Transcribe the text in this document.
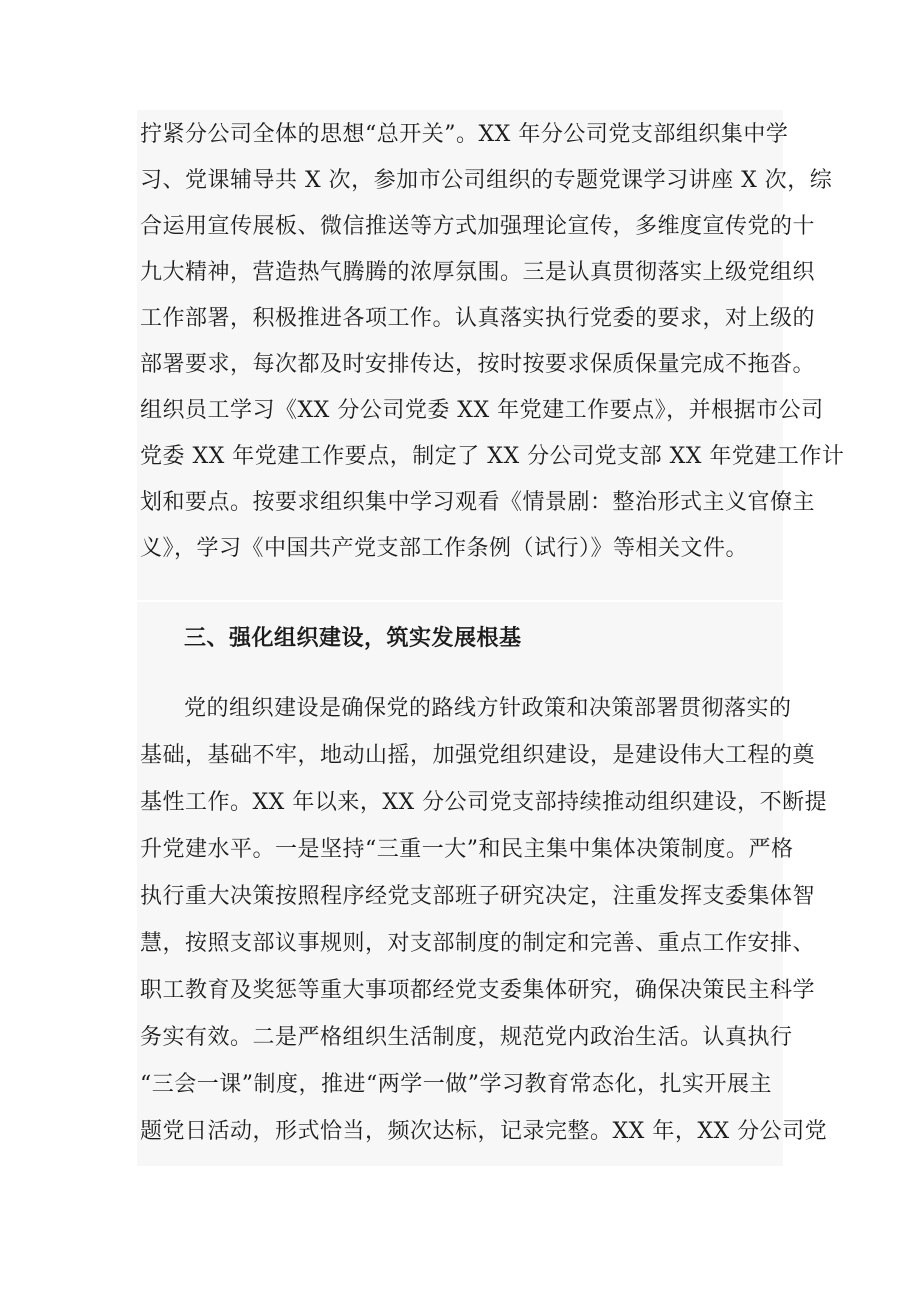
拧紧分公司全体的思想“总开关”。XX 年分公司党支部组织集中学
习、党课辅导共 X 次，参加市公司组织的专题党课学习讲座 X 次，综
合运用宣传展板、微信推送等方式加强理论宣传，多维度宣传党的十
九大精神，营造热气腾腾的浓厚氛围。三是认真贯彻落实上级党组织
工作部署，积极推进各项工作。认真落实执行党委的要求，对上级的
部署要求，每次都及时安排传达，按时按要求保质保量完成不拖沓。
组织员工学习《XX 分公司党委 XX 年党建工作要点》，并根据市公司
党委 XX 年党建工作要点，制定了 XX 分公司党支部 XX 年党建工作计
划和要点。按要求组织集中学习观看《情景剧：整治形式主义官僚主
义》，学习《中国共产党支部工作条例（试行）》等相关文件。
三、强化组织建设，筑实发展根基
党的组织建设是确保党的路线方针政策和决策部署贯彻落实的
基础，基础不牢，地动山摇，加强党组织建设，是建设伟大工程的奠
基性工作。XX 年以来，XX 分公司党支部持续推动组织建设，不断提
升党建水平。一是坚持“三重一大”和民主集中集体决策制度。严格
执行重大决策按照程序经党支部班子研究决定，注重发挥支委集体智
慧，按照支部议事规则，对支部制度的制定和完善、重点工作安排、
职工教育及奖惩等重大事项都经党支委集体研究，确保决策民主科学
务实有效。二是严格组织生活制度，规范党内政治生活。认真执行
“三会一课”制度，推进“两学一做”学习教育常态化，扎实开展主
题党日活动，形式恰当，频次达标，记录完整。XX 年，XX 分公司党
